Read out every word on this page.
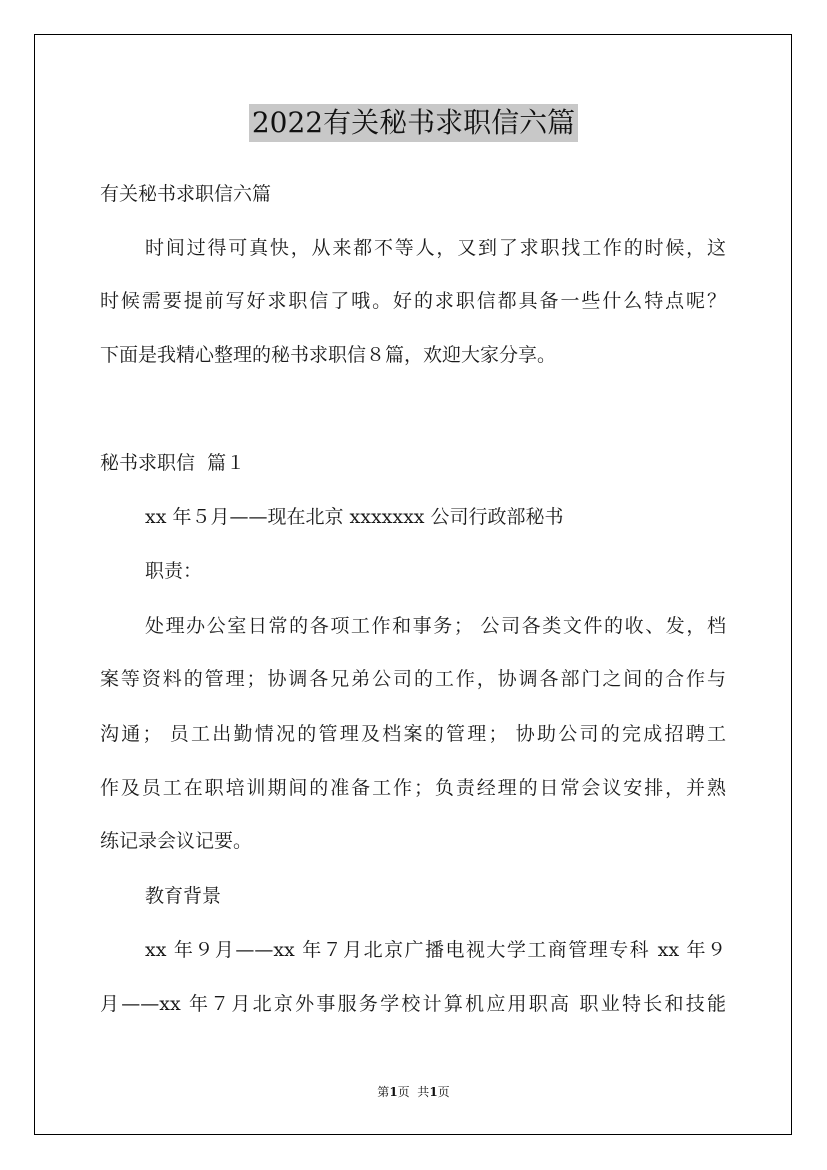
2022有关秘书求职信六篇
有关秘书求职信六篇
时间过得可真快，从来都不等人，又到了求职找工作的时候，这
时候需要提前写好求职信了哦。好的求职信都具备一些什么特点呢？
下面是我精心整理的秘书求职信８篇，欢迎大家分享。
秘书求职信  篇１
xx 年５月——现在北京 xxxxxxx 公司行政部秘书
职责：
处理办公室日常的各项工作和事务； 公司各类文件的收、发，档
案等资料的管理；协调各兄弟公司的工作，协调各部门之间的合作与
沟通； 员工出勤情况的管理及档案的管理； 协助公司的完成招聘工
作及员工在职培训期间的准备工作；负责经理的日常会议安排，并熟
练记录会议记要。
教育背景
xx 年９月——xx 年７月北京广播电视大学工商管理专科 xx 年９
月——xx 年７月北京外事服务学校计算机应用职高 职业特长和技能
第1页  共1页
